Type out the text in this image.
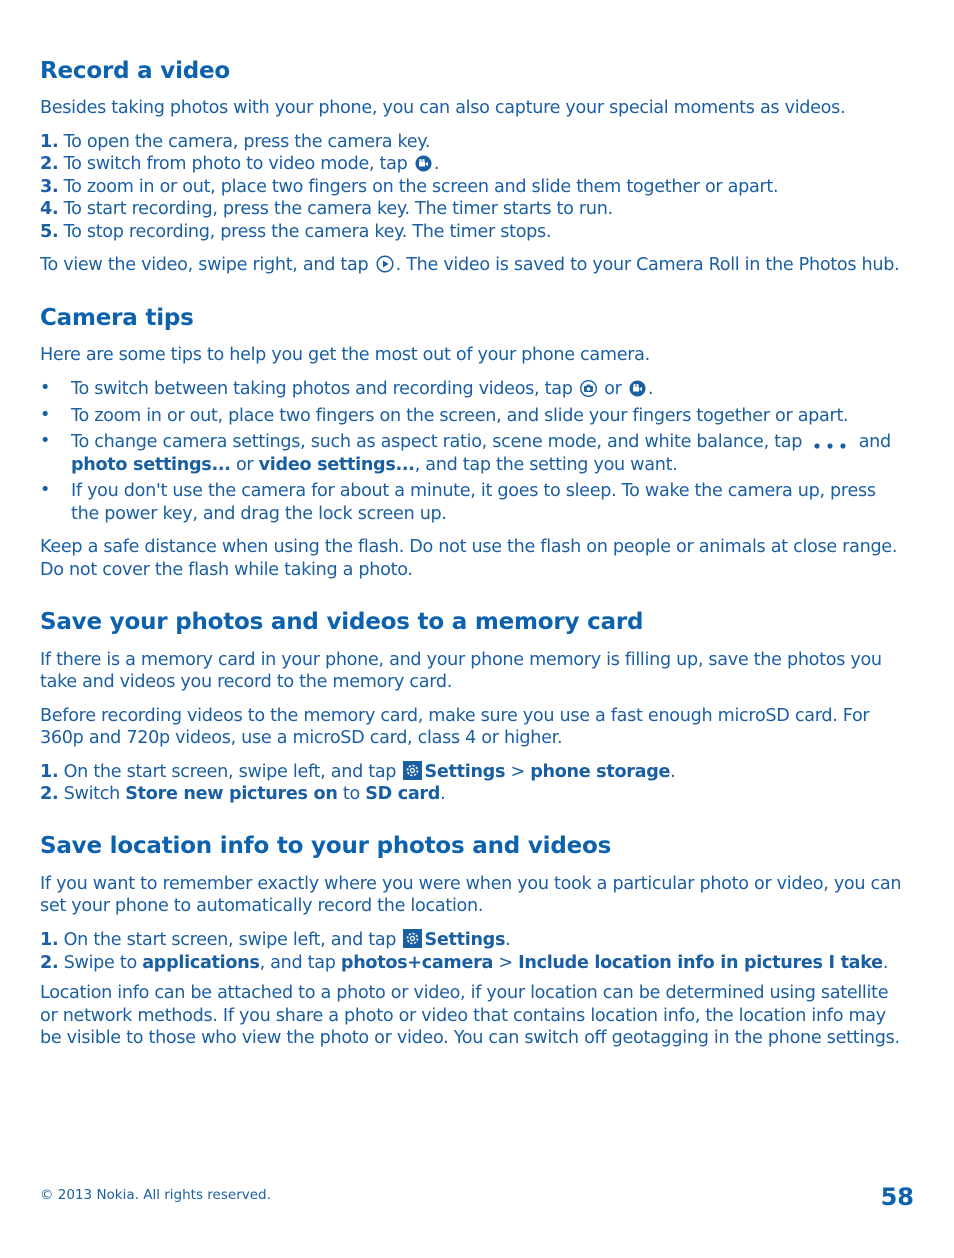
Record a video
Besides taking photos with your phone, you can also capture your special moments as videos.
1. To open the camera, press the camera key.
2. To switch from photo to video mode, tap .
3. To zoom in or out, place two fingers on the screen and slide them together or apart.
4. To start recording, press the camera key. The timer starts to run.
5. To stop recording, press the camera key. The timer stops.
To view the video, swipe right, and tap . The video is saved to your Camera Roll in the Photos hub.
Camera tips
Here are some tips to help you get the most out of your phone camera.
• To switch between taking photos and recording videos, tap or .
• To zoom in or out, place two fingers on the screen, and slide your fingers together or apart.
• To change camera settings, such as aspect ratio, scene mode, and white balance, tap	and
photo settings... or video settings..., and tap the setting you want.
• If you don't use the camera for about a minute, it goes to sleep. To wake the camera up, press
the power key, and drag the lock screen up.
Keep a safe distance when using the flash. Do not use the flash on people or animals at close range.
Do not cover the flash while taking a photo.
Save your photos and videos to a memory card
If there is a memory card in your phone, and your phone memory is filling up, save the photos you
take and videos you record to the memory card.
Before recording videos to the memory card, make sure you use a fast enough microSD card. For
360p and 720p videos, use a microSD card, class 4 or higher.
1. On the start screen, swipe left, and tap Settings > phone storage.
2. Switch Store new pictures on to SD card.
Save location info to your photos and videos
If you want to remember exactly where you were when you took a particular photo or video, you can
set your phone to automatically record the location.
1. On the start screen, swipe left, and tap Settings.
2. Swipe to applications, and tap photos+camera > Include location info in pictures I take.
Location info can be attached to a photo or video, if your location can be determined using satellite
or network methods. If you share a photo or video that contains location info, the location info may
be visible to those who view the photo or video. You can switch off geotagging in the phone settings.
© 2013 Nokia. All rights reserved.	58
